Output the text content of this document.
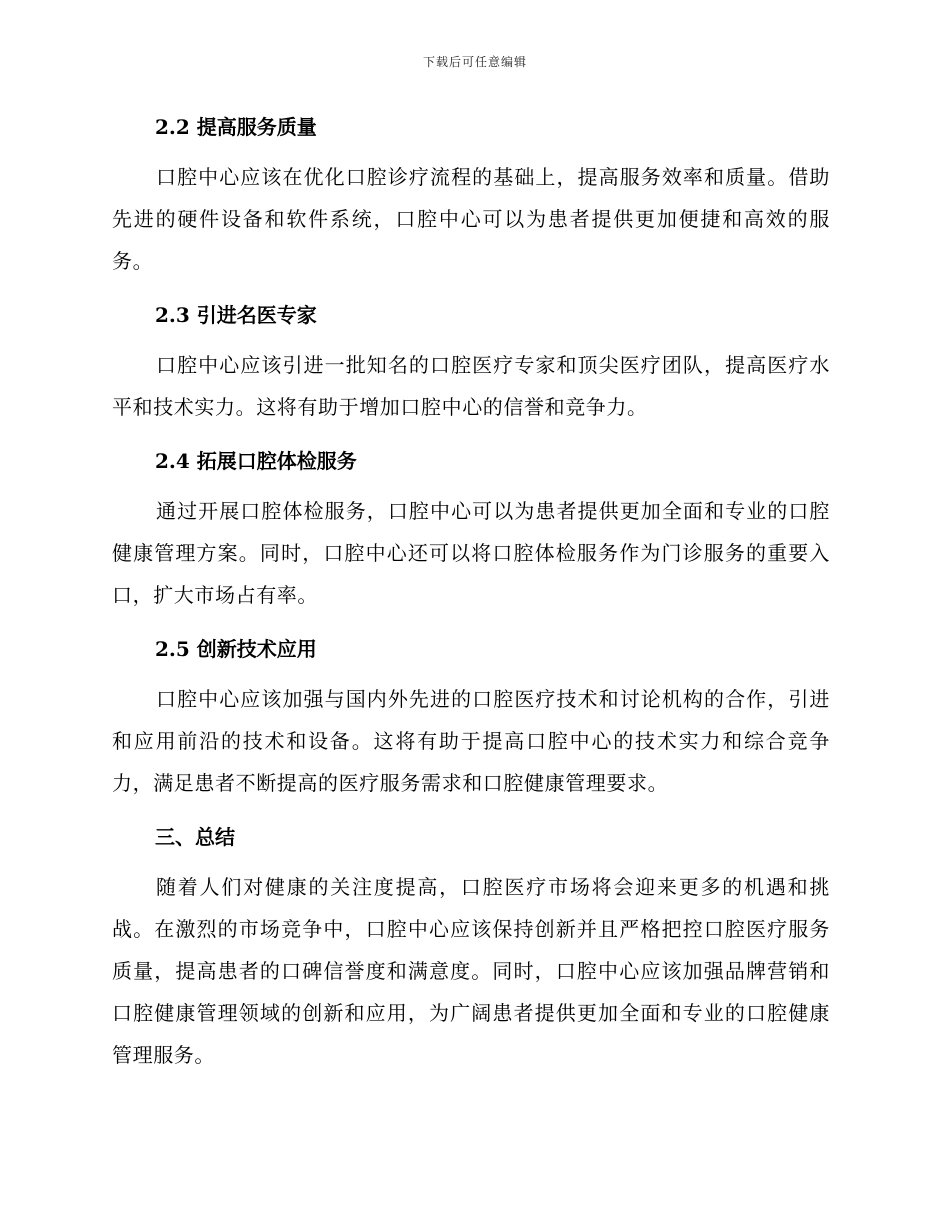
下载后可任意编辑
2.2 提高服务质量

口腔中心应该在优化口腔诊疗流程的基础上，提高服务效率和质量。借助先进的硬件设备和软件系统，口腔中心可以为患者提供更加便捷和高效的服务。

2.3 引进名医专家

口腔中心应该引进一批知名的口腔医疗专家和顶尖医疗团队，提高医疗水平和技术实力。这将有助于增加口腔中心的信誉和竞争力。

2.4 拓展口腔体检服务

通过开展口腔体检服务，口腔中心可以为患者提供更加全面和专业的口腔健康管理方案。同时，口腔中心还可以将口腔体检服务作为门诊服务的重要入口，扩大市场占有率。

2.5 创新技术应用

口腔中心应该加强与国内外先进的口腔医疗技术和讨论机构的合作，引进和应用前沿的技术和设备。这将有助于提高口腔中心的技术实力和综合竞争力，满足患者不断提高的医疗服务需求和口腔健康管理要求。

三、总结

随着人们对健康的关注度提高，口腔医疗市场将会迎来更多的机遇和挑战。在激烈的市场竞争中，口腔中心应该保持创新并且严格把控口腔医疗服务质量，提高患者的口碑信誉度和满意度。同时，口腔中心应该加强品牌营销和口腔健康管理领域的创新和应用，为广阔患者提供更加全面和专业的口腔健康管理服务。
